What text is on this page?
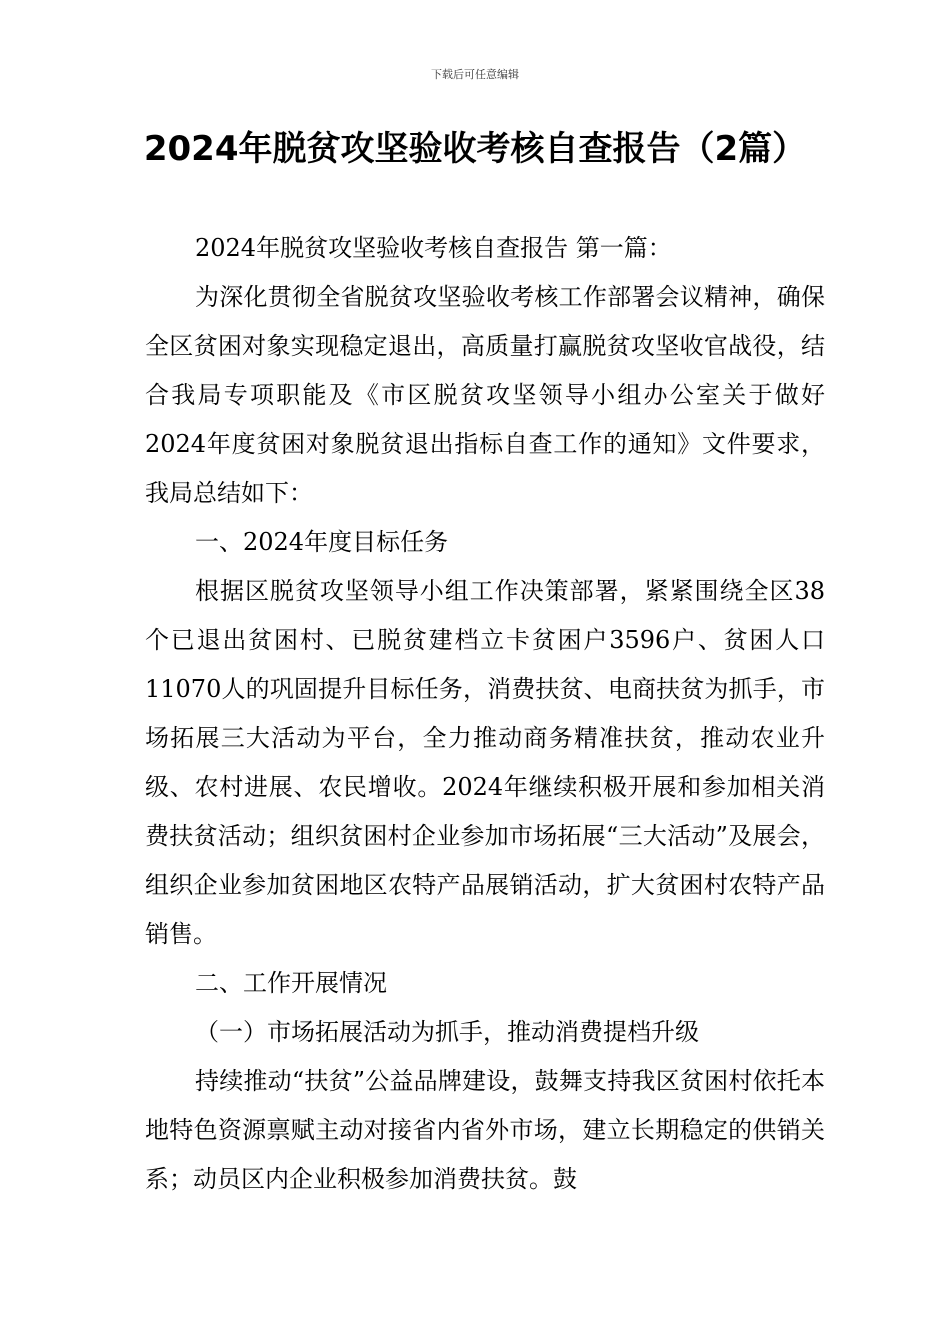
下载后可任意编辑
2024年脱贫攻坚验收考核自查报告（2篇）

2024年脱贫攻坚验收考核自查报告 第一篇：

为深化贯彻全省脱贫攻坚验收考核工作部署会议精神，确保全区贫困对象实现稳定退出，高质量打赢脱贫攻坚收官战役，结合我局专项职能及《市区脱贫攻坚领导小组办公室关于做好2024年度贫困对象脱贫退出指标自查工作的通知》文件要求，我局总结如下：

一、2024年度目标任务

根据区脱贫攻坚领导小组工作决策部署，紧紧围绕全区38个已退出贫困村、已脱贫建档立卡贫困户3596户、贫困人口11070人的巩固提升目标任务，消费扶贫、电商扶贫为抓手，市场拓展三大活动为平台，全力推动商务精准扶贫，推动农业升级、农村进展、农民增收。2024年继续积极开展和参加相关消费扶贫活动；组织贫困村企业参加市场拓展“三大活动”及展会，组织企业参加贫困地区农特产品展销活动，扩大贫困村农特产品销售。

二、工作开展情况

（一）市场拓展活动为抓手，推动消费提档升级

持续推动“扶贫”公益品牌建设，鼓舞支持我区贫困村依托本地特色资源禀赋主动对接省内省外市场，建立长期稳定的供销关系；动员区内企业积极参加消费扶贫。鼓
